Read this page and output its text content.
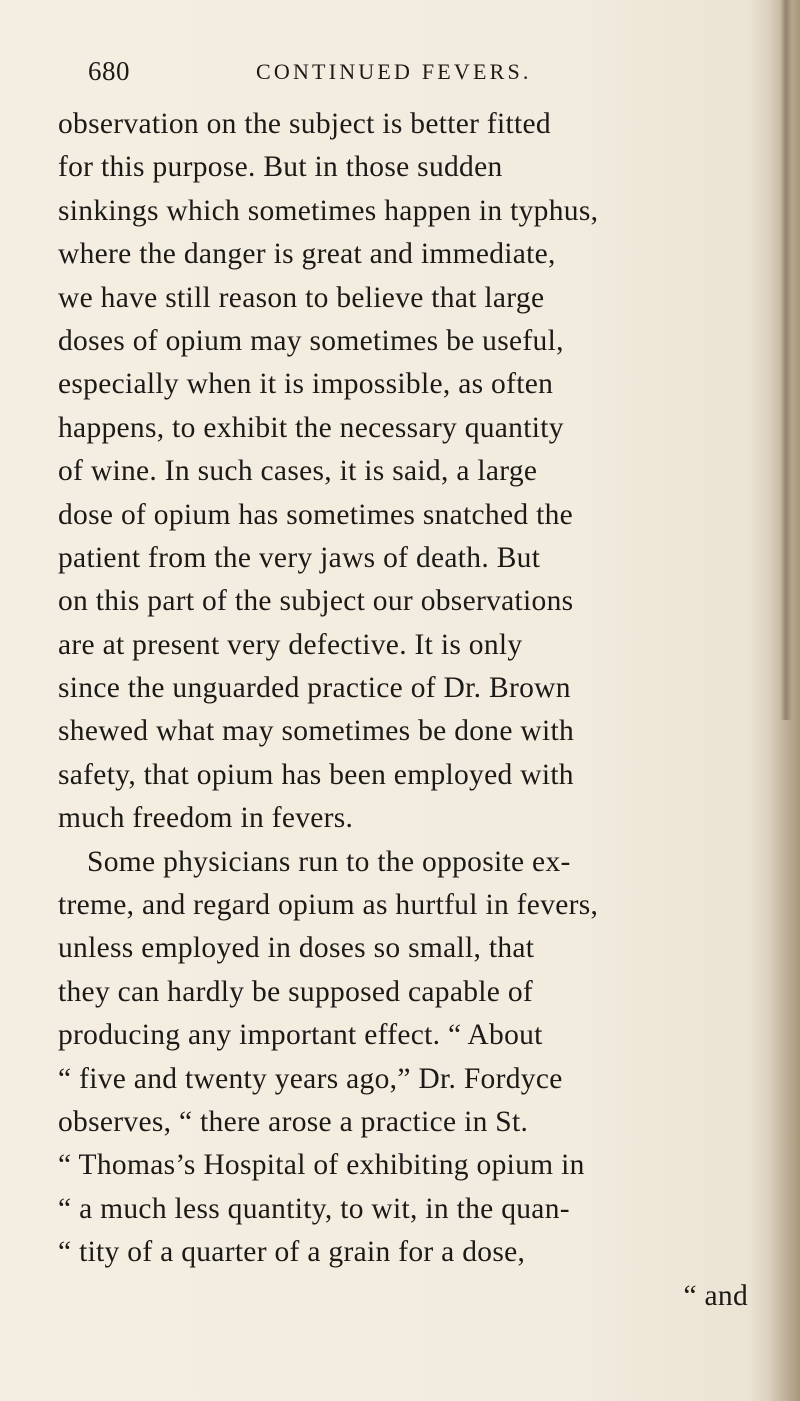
680	CONTINUED FEVERS.
observation on the subject is better fitted
for this purpose. But in those sudden
sinkings which sometimes happen in typhus,
where the danger is great and immediate,
we have still reason to believe that large
doses of opium may sometimes be useful,
especially when it is impossible, as often
happens, to exhibit the necessary quantity
of wine. In such cases, it is said, a large
dose of opium has sometimes snatched the
patient from the very jaws of death. But
on this part of the subject our observations
are at present very defective. It is only
since the unguarded practice of Dr. Brown
shewed what may sometimes be done with
safety, that opium has been employed with
much freedom in fevers.
Some physicians run to the opposite ex-
treme, and regard opium as hurtful in fevers,
unless employed in doses so small, that
they can hardly be supposed capable of
producing any important effect. “ About
“ five and twenty years ago,” Dr. Fordyce
observes, “ there arose a practice in St.
“ Thomas’s Hospital of exhibiting opium in
“ a much less quantity, to wit, in the quan-
“ tity of a quarter of a grain for a dose,
“ and
